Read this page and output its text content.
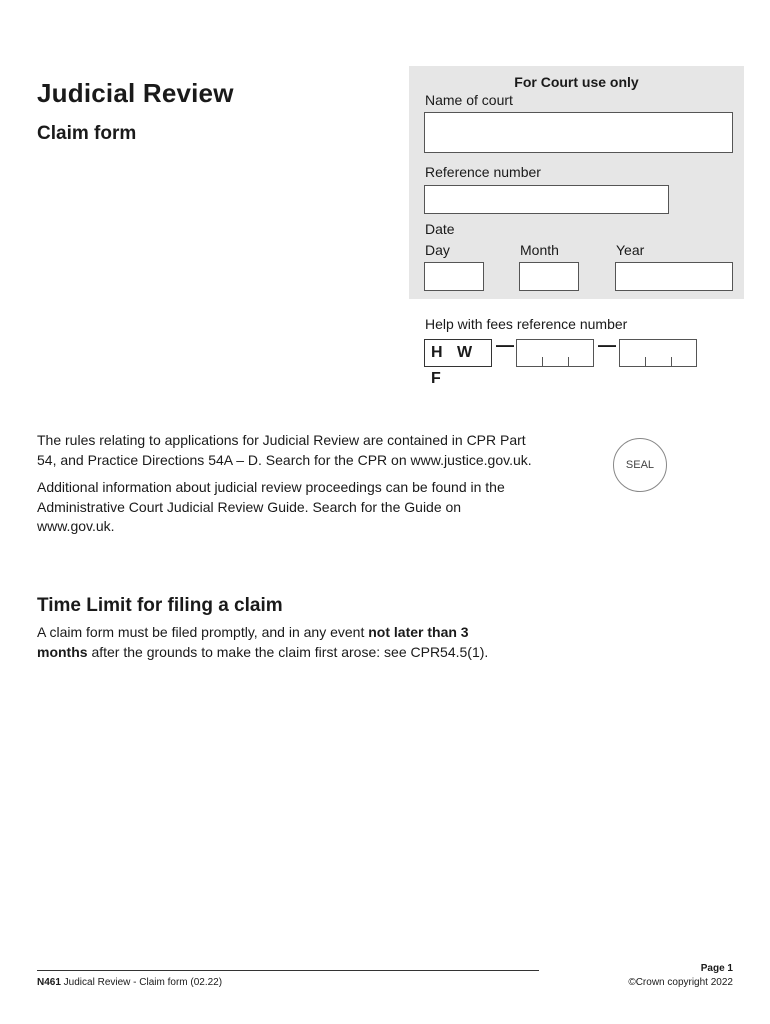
Judicial Review
Claim form
For Court use only
Name of court
Reference number
Date
Day	Month	Year
Help with fees reference number
H W F
—	—
SEAL

The rules relating to applications for Judicial Review are contained in CPR Part 54, and Practice Directions 54A – D. Search for the CPR on www.justice.gov.uk.

Additional information about judicial review proceedings can be found in the Administrative Court Judicial Review Guide. Search for the Guide on www.gov.uk.

Time Limit for filing a claim
A claim form must be filed promptly, and in any event not later than 3 months after the grounds to make the claim first arose: see CPR54.5(1).
N461 Judical Review - Claim form (02.22)
Page 1
©Crown copyright 2022
